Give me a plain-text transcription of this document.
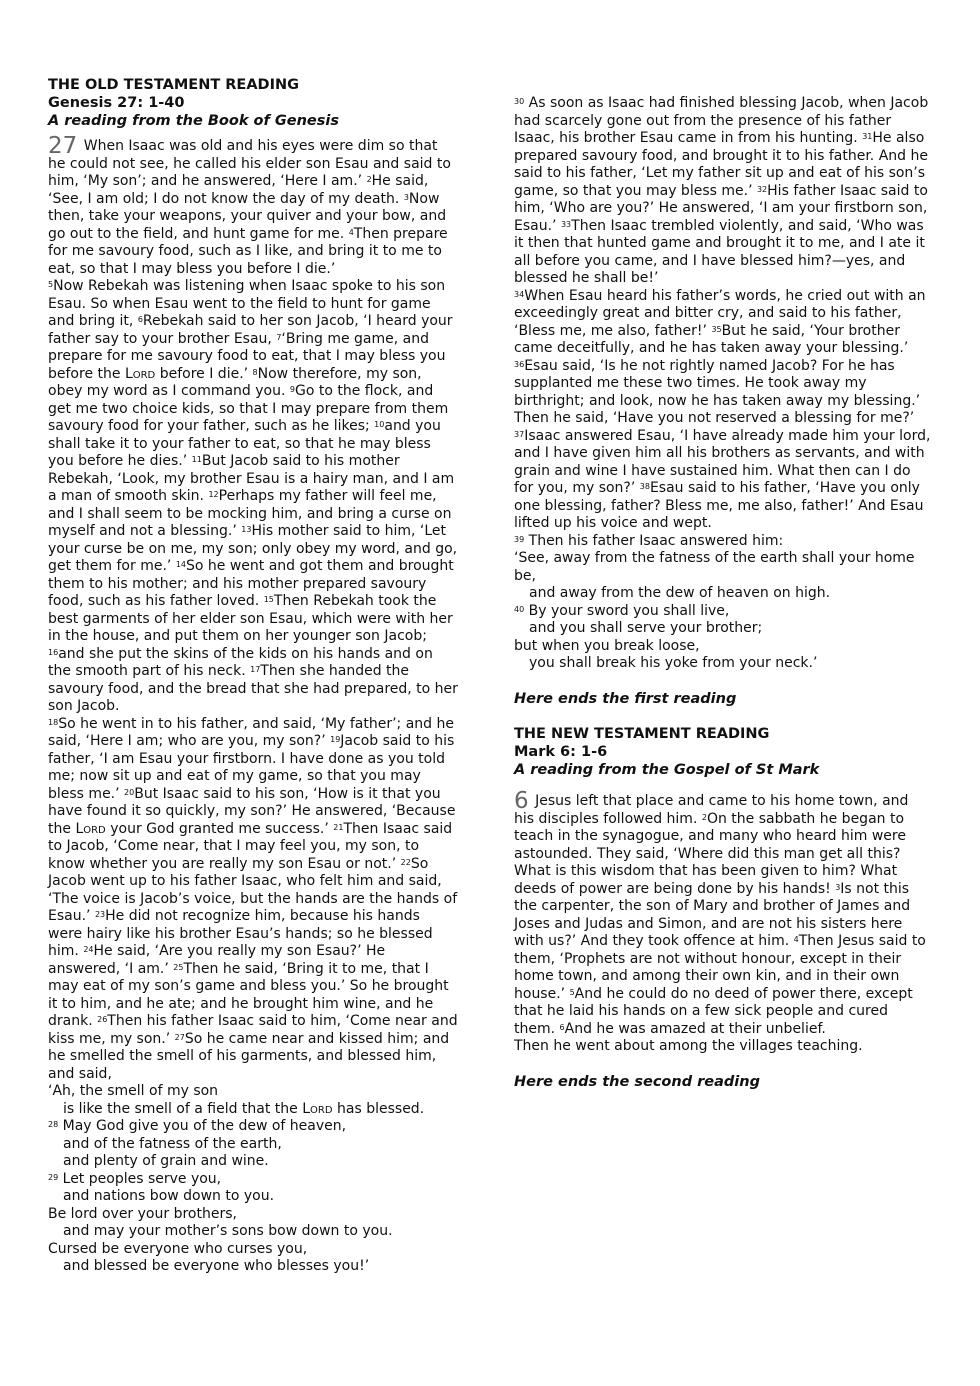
THE OLD TESTAMENT READING

Genesis 27: 1-40

A reading from the Book of Genesis

27 When Isaac was old and his eyes were dim so that he could not see, he called his elder son Esau and said to him, ‘My son’; and he answered, ‘Here I am.’ $^2$He said, ‘See, I am old; I do not know the day of my death. $^3$Now then, take your weapons, your quiver and your bow, and go out to the field, and hunt game for me. $^4$Then prepare for me savoury food, such as I like, and bring it to me to eat, so that I may bless you before I die.’

$^5$Now Rebekah was listening when Isaac spoke to his son Esau. So when Esau went to the field to hunt for game and bring it, $^6$Rebekah said to her son Jacob, ‘I heard your father say to your brother Esau, $^7$‘Bring me game, and prepare for me savoury food to eat, that I may bless you before the Lord before I die.’ $^8$Now therefore, my son, obey my word as I command you. $^9$Go to the flock, and get me two choice kids, so that I may prepare from them savoury food for your father, such as he likes; $^{10}$and you shall take it to your father to eat, so that he may bless you before he dies.’ $^{11}$But Jacob said to his mother Rebekah, ‘Look, my brother Esau is a hairy man, and I am a man of smooth skin. $^{12}$Perhaps my father will feel me, and I shall seem to be mocking him, and bring a curse on myself and not a blessing.’ $^{13}$His mother said to him, ‘Let your curse be on me, my son; only obey my word, and go, get them for me.’ $^{14}$So he went and got them and brought them to his mother; and his mother prepared savoury food, such as his father loved. $^{15}$Then Rebekah took the best garments of her elder son Esau, which were with her in the house, and put them on her younger son Jacob; $^{16}$and she put the skins of the kids on his hands and on the smooth part of his neck. $^{17}$Then she handed the savoury food, and the bread that she had prepared, to her son Jacob.

$^{18}$So he went in to his father, and said, ‘My father’; and he said, ‘Here I am; who are you, my son?’ $^{19}$Jacob said to his father, ‘I am Esau your firstborn. I have done as you told me; now sit up and eat of my game, so that you may bless me.’ $^{20}$But Isaac said to his son, ‘How is it that you have found it so quickly, my son?’ He answered, ‘Because the Lord your God granted me success.’ $^{21}$Then Isaac said to Jacob, ‘Come near, that I may feel you, my son, to know whether you are really my son Esau or not.’ $^{22}$So Jacob went up to his father Isaac, who felt him and said, ‘The voice is Jacob’s voice, but the hands are the hands of Esau.’ $^{23}$He did not recognize him, because his hands were hairy like his brother Esau’s hands; so he blessed him. $^{24}$He said, ‘Are you really my son Esau?’ He answered, ‘I am.’ $^{25}$Then he said, ‘Bring it to me, that I may eat of my son’s game and bless you.’ So he brought it to him, and he ate; and he brought him wine, and he drank. $^{26}$Then his father Isaac said to him, ‘Come near and kiss me, my son.’ $^{27}$So he came near and kissed him; and he smelled the smell of his garments, and blessed him, and said,

‘Ah, the smell of my son

is like the smell of a field that the Lord has blessed.

$^{28}$ May God give you of the dew of heaven,

and of the fatness of the earth,

and plenty of grain and wine.

$^{29}$ Let peoples serve you,

and nations bow down to you.

Be lord over your brothers,

and may your mother’s sons bow down to you.

Cursed be everyone who curses you,

and blessed be everyone who blesses you!’

$^{30}$ As soon as Isaac had finished blessing Jacob, when Jacob had scarcely gone out from the presence of his father Isaac, his brother Esau came in from his hunting. $^{31}$He also prepared savoury food, and brought it to his father. And he said to his father, ‘Let my father sit up and eat of his son’s game, so that you may bless me.’ $^{32}$His father Isaac said to him, ‘Who are you?’ He answered, ‘I am your firstborn son, Esau.’ $^{33}$Then Isaac trembled violently, and said, ‘Who was it then that hunted game and brought it to me, and I ate it all before you came, and I have blessed him?—yes, and blessed he shall be!’

$^{34}$When Esau heard his father’s words, he cried out with an exceedingly great and bitter cry, and said to his father, ‘Bless me, me also, father!’ $^{35}$But he said, ‘Your brother came deceitfully, and he has taken away your blessing.’ $^{36}$Esau said, ‘Is he not rightly named Jacob? For he has supplanted me these two times. He took away my birthright; and look, now he has taken away my blessing.’ Then he said, ‘Have you not reserved a blessing for me?’ $^{37}$Isaac answered Esau, ‘I have already made him your lord, and I have given him all his brothers as servants, and with grain and wine I have sustained him. What then can I do for you, my son?’ $^{38}$Esau said to his father, ‘Have you only one blessing, father? Bless me, me also, father!’ And Esau lifted up his voice and wept.

$^{39}$ Then his father Isaac answered him:

‘See, away from the fatness of the earth shall your home be,

and away from the dew of heaven on high.

$^{40}$ By your sword you shall live,

and you shall serve your brother;

but when you break loose,

you shall break his yoke from your neck.’

Here ends the first reading

THE NEW TESTAMENT READING

Mark 6: 1-6

A reading from the Gospel of St Mark

6 Jesus left that place and came to his home town, and his disciples followed him. $^2$On the sabbath he began to teach in the synagogue, and many who heard him were astounded. They said, ‘Where did this man get all this? What is this wisdom that has been given to him? What deeds of power are being done by his hands! $^3$Is not this the carpenter, the son of Mary and brother of James and Joses and Judas and Simon, and are not his sisters here with us?’ And they took offence at him. $^4$Then Jesus said to them, ‘Prophets are not without honour, except in their home town, and among their own kin, and in their own house.’ $^5$And he could do no deed of power there, except that he laid his hands on a few sick people and cured them. $^6$And he was amazed at their unbelief.

Then he went about among the villages teaching.

Here ends the second reading
